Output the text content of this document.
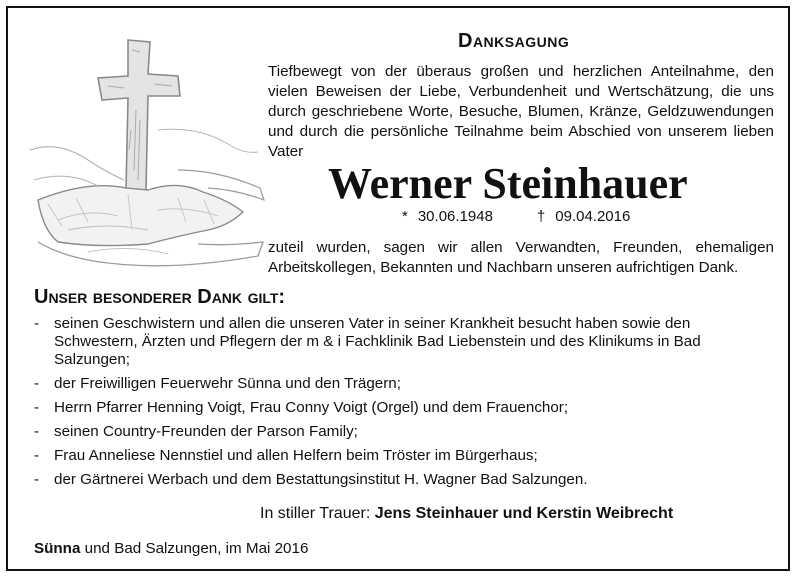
Danksagung

Tiefbewegt von der überaus großen und herzlichen Anteilnahme, den vielen Beweisen der Liebe, Verbundenheit und Wertschätzung, die uns durch geschriebene Worte, Besuche, Blumen, Kränze, Geldzuwendungen und durch die persönliche Teilnahme beim Abschied von unserem lieben Vater

Werner Steinhauer
* 30.06.1948	† 09.04.2016

zuteil wurden, sagen wir allen Verwandten, Freunden, ehemaligen Arbeitskollegen, Bekannten und Nachbarn unseren aufrichtigen Dank.

Unser besonderer Dank gilt:
- seinen Geschwistern und allen die unseren Vater in seiner Krankheit besucht haben sowie den Schwestern, Ärzten und Pflegern der m & i Fachklinik Bad Liebenstein und des Klinikums in Bad Salzungen;
- der Freiwilligen Feuerwehr Sünna und den Trägern;
- Herrn Pfarrer Henning Voigt, Frau Conny Voigt (Orgel) und dem Frauenchor;
- seinen Country-Freunden der Parson Family;
- Frau Anneliese Nennstiel und allen Helfern beim Tröster im Bürgerhaus;
- der Gärtnerei Werbach und dem Bestattungsinstitut H. Wagner Bad Salzungen.
In stiller Trauer: Jens Steinhauer und Kerstin Weibrecht
Sünna und Bad Salzungen, im Mai 2016
